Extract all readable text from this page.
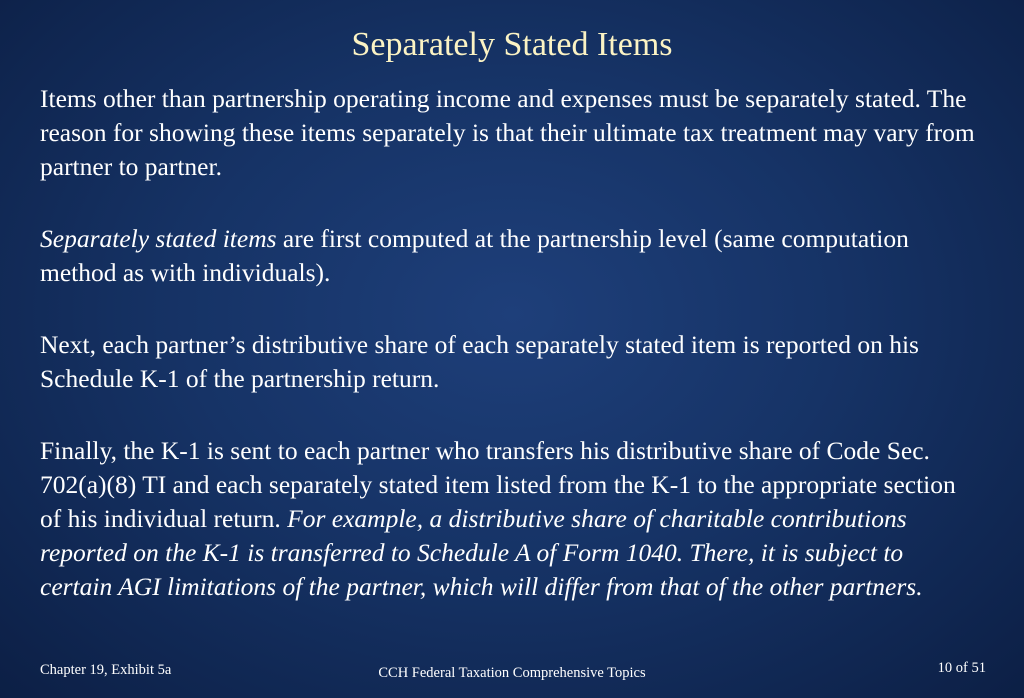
Separately Stated Items

Items other than partnership operating income and expenses must be separately stated. The reason for showing these items separately is that their ultimate tax treatment may vary from partner to partner.

Separately stated items are first computed at the partnership level (same computation method as with individuals).

Next, each partner’s distributive share of each separately stated item is reported on his Schedule K-1 of the partnership return.

Finally, the K-1 is sent to each partner who transfers his distributive share of Code Sec. 702(a)(8) TI and each separately stated item listed from the K-1 to the appropriate section of his individual return. For example, a distributive share of charitable contributions reported on the K-1 is transferred to Schedule A of Form 1040. There, it is subject to certain AGI limitations of the partner, which will differ from that of the other partners.

Chapter 19, Exhibit 5a	CCH Federal Taxation Comprehensive Topics	10 of 51
